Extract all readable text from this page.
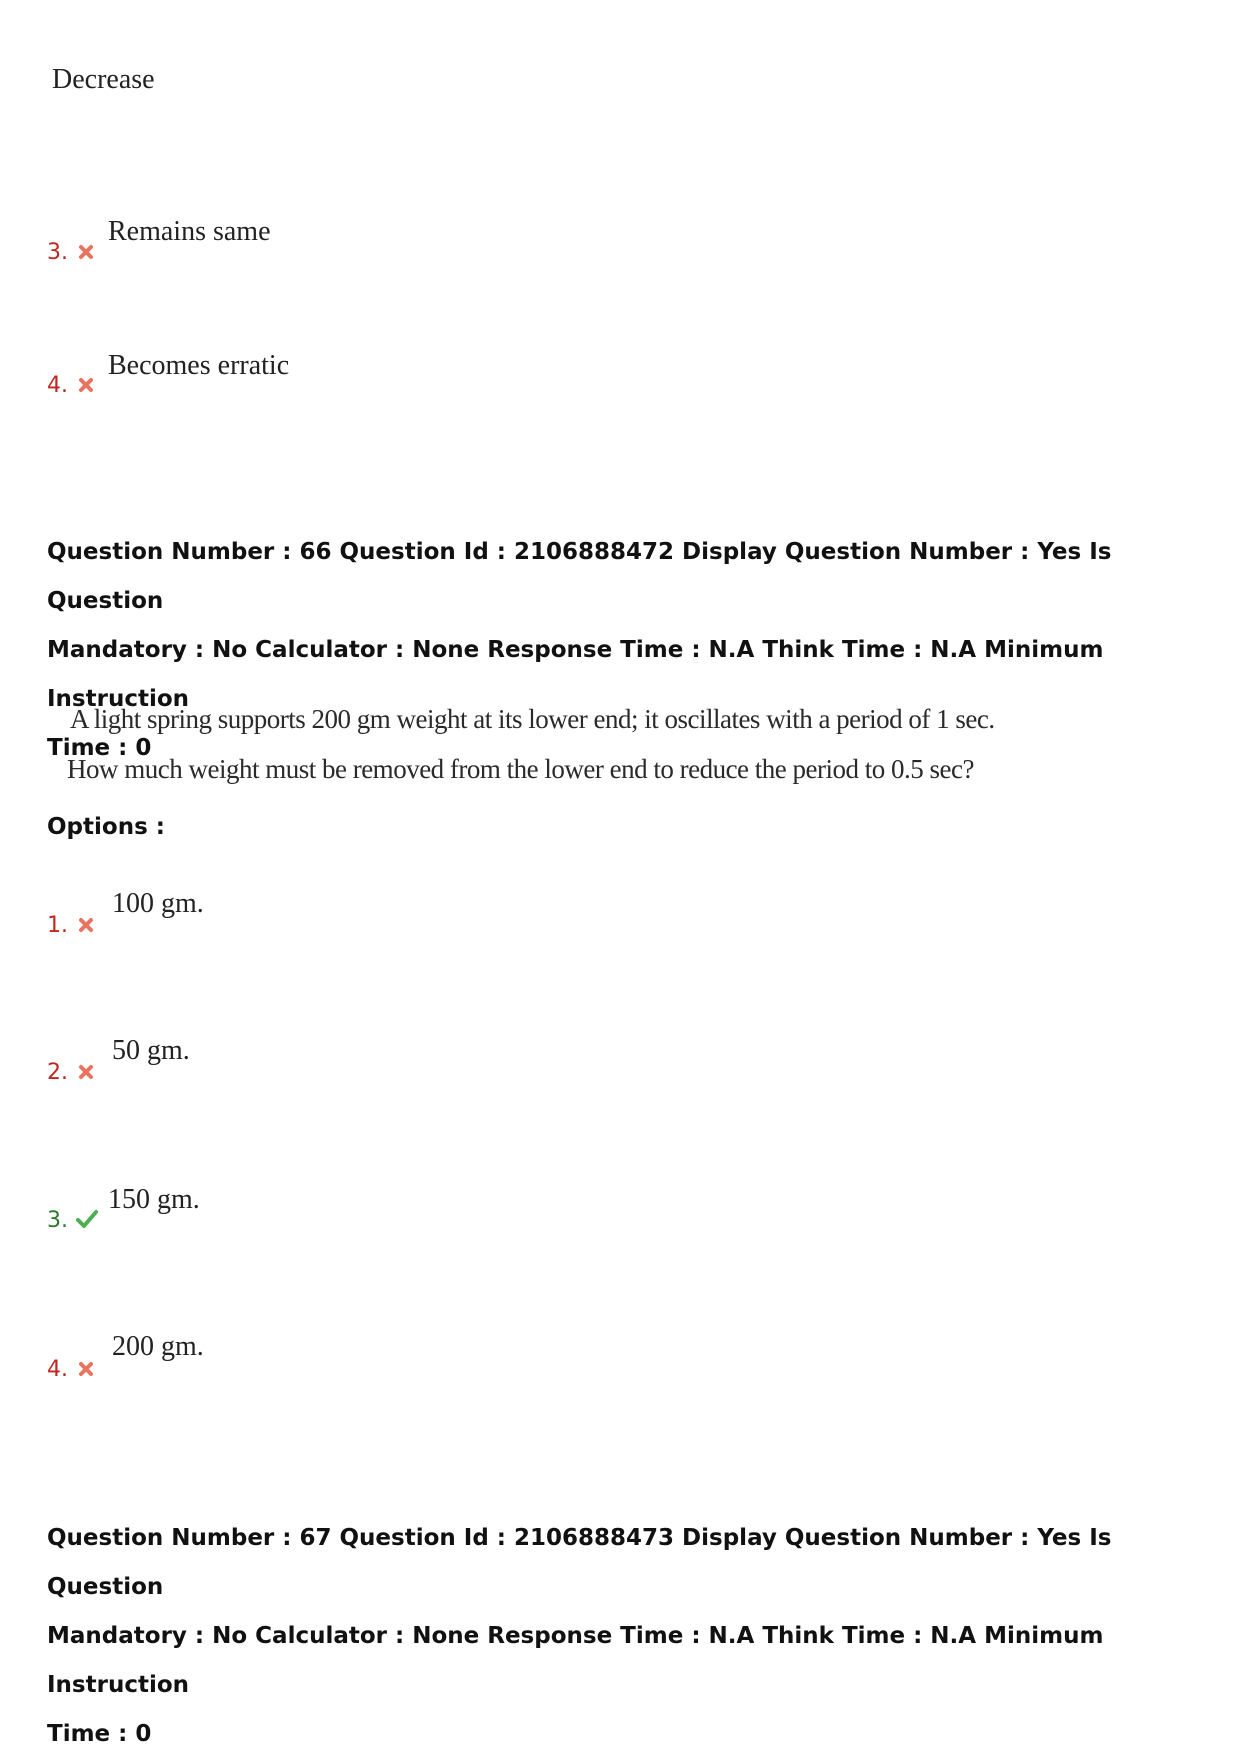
Decrease
3.
Remains same
4.
Becomes erratic
Question Number : 66 Question Id : 2106888472 Display Question Number : Yes Is Question
Mandatory : No Calculator : None Response Time : N.A Think Time : N.A Minimum Instruction
Time : 0
A light spring supports 200 gm weight at its lower end; it oscillates with a period of 1 sec.
How much weight must be removed from the lower end to reduce the period to 0.5 sec?
Options :
1.
100 gm.
2.
50 gm.
3.
150 gm.
4.
200 gm.
Question Number : 67 Question Id : 2106888473 Display Question Number : Yes Is Question
Mandatory : No Calculator : None Response Time : N.A Think Time : N.A Minimum Instruction
Time : 0
